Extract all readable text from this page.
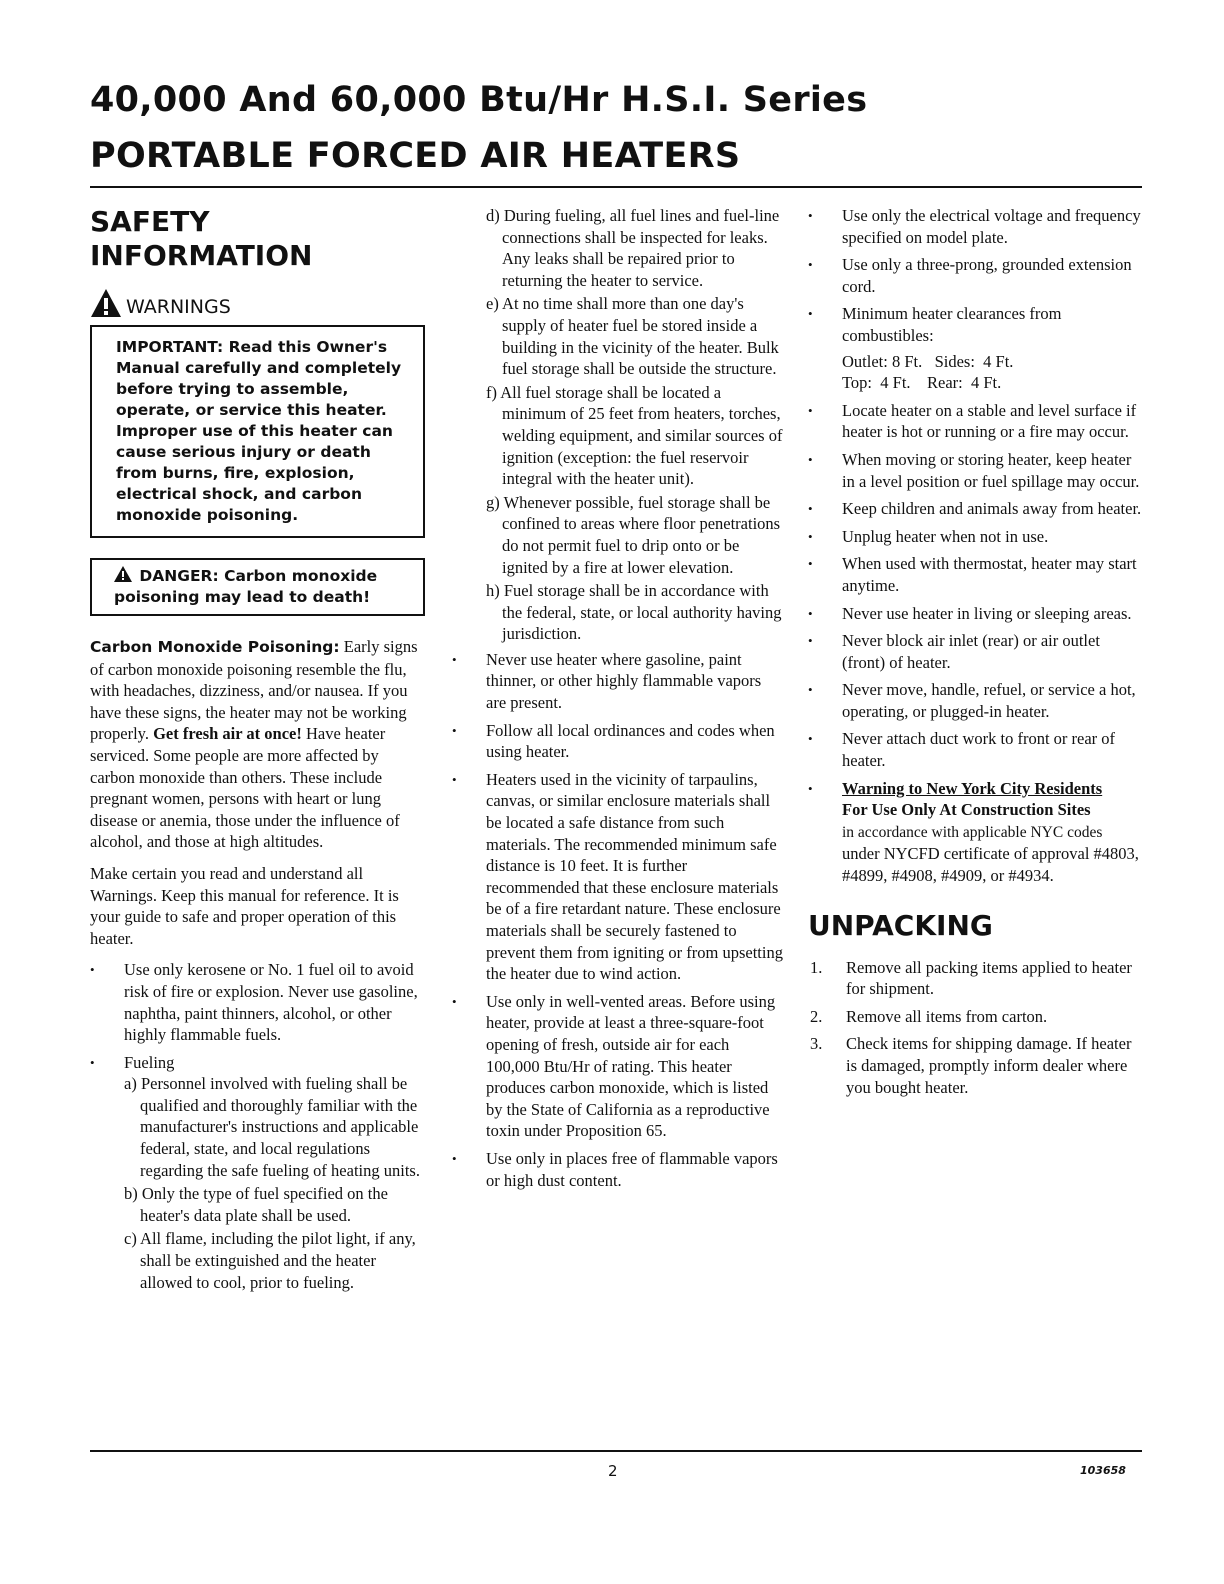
40,000 And 60,000 Btu/Hr H.S.I. Series
PORTABLE FORCED AIR HEATERS
SAFETY
INFORMATION
WARNINGS
IMPORTANT: Read this Owner's Manual carefully and completely before trying to assemble, operate, or service this heater. Improper use of this heater can cause serious injury or death from burns, fire, explosion, electrical shock, and carbon monoxide poisoning.
DANGER: Carbon monoxide poisoning may lead to death!

Carbon Monoxide Poisoning: Early signs of carbon monoxide poisoning resemble the flu, with headaches, dizziness, and/or nausea. If you have these signs, the heater may not be working properly. Get fresh air at once! Have heater serviced. Some people are more affected by carbon monoxide than others. These include pregnant women, persons with heart or lung disease or anemia, those under the influence of alcohol, and those at high altitudes.

Make certain you read and understand all Warnings. Keep this manual for reference. It is your guide to safe and proper operation of this heater.

• Use only kerosene or No. 1 fuel oil to avoid risk of fire or explosion. Never use gasoline, naphtha, paint thinners, alcohol, or other highly flammable fuels.
• Fueling
a) Personnel involved with fueling shall be qualified and thoroughly familiar with the manufacturer's instructions and applicable federal, state, and local regulations regarding the safe fueling of heating units.
b) Only the type of fuel specified on the heater's data plate shall be used.
c) All flame, including the pilot light, if any, shall be extinguished and the heater allowed to cool, prior to fueling.
d) During fueling, all fuel lines and fuel-line connections shall be inspected for leaks. Any leaks shall be repaired prior to returning the heater to service.
e) At no time shall more than one day's supply of heater fuel be stored inside a building in the vicinity of the heater. Bulk fuel storage shall be outside the structure.
f) All fuel storage shall be located a minimum of 25 feet from heaters, torches, welding equipment, and similar sources of ignition (exception: the fuel reservoir integral with the heater unit).
g) Whenever possible, fuel storage shall be confined to areas where floor penetrations do not permit fuel to drip onto or be ignited by a fire at lower elevation.
h) Fuel storage shall be in accordance with the federal, state, or local authority having jurisdiction.
• Never use heater where gasoline, paint thinner, or other highly flammable vapors are present.
• Follow all local ordinances and codes when using heater.
• Heaters used in the vicinity of tarpaulins, canvas, or similar enclosure materials shall be located a safe distance from such materials. The recommended minimum safe distance is 10 feet. It is further recommended that these enclosure materials be of a fire retardant nature. These enclosure materials shall be securely fastened to prevent them from igniting or from upsetting the heater due to wind action.
• Use only in well-vented areas. Before using heater, provide at least a three-square-foot opening of fresh, outside air for each 100,000 Btu/Hr of rating. This heater produces carbon monoxide, which is listed by the State of California as a reproductive toxin under Proposition 65.
• Use only in places free of flammable vapors or high dust content.
• Use only the electrical voltage and frequency specified on model plate.
• Use only a three-prong, grounded extension cord.
• Minimum heater clearances from combustibles:
Outlet: 8 Ft.   Sides:  4 Ft.
Top:  4 Ft.    Rear:  4 Ft.
• Locate heater on a stable and level surface if heater is hot or running or a fire may occur.
• When moving or storing heater, keep heater in a level position or fuel spillage may occur.
• Keep children and animals away from heater.
• Unplug heater when not in use.
• When used with thermostat, heater may start anytime.
• Never use heater in living or sleeping areas.
• Never block air inlet (rear) or air outlet (front) of heater.
• Never move, handle, refuel, or service a hot, operating, or plugged-in heater.
• Never attach duct work to front or rear of heater.
• Warning to New York City Residents
For Use Only At Construction Sites
in accordance with applicable NYC codes under NYCFD certificate of approval #4803, #4899, #4908, #4909, or #4934.
UNPACKING
1. Remove all packing items applied to heater for shipment.
2. Remove all items from carton.
3. Check items for shipping damage. If heater is damaged, promptly inform dealer where you bought heater.
2	103658
